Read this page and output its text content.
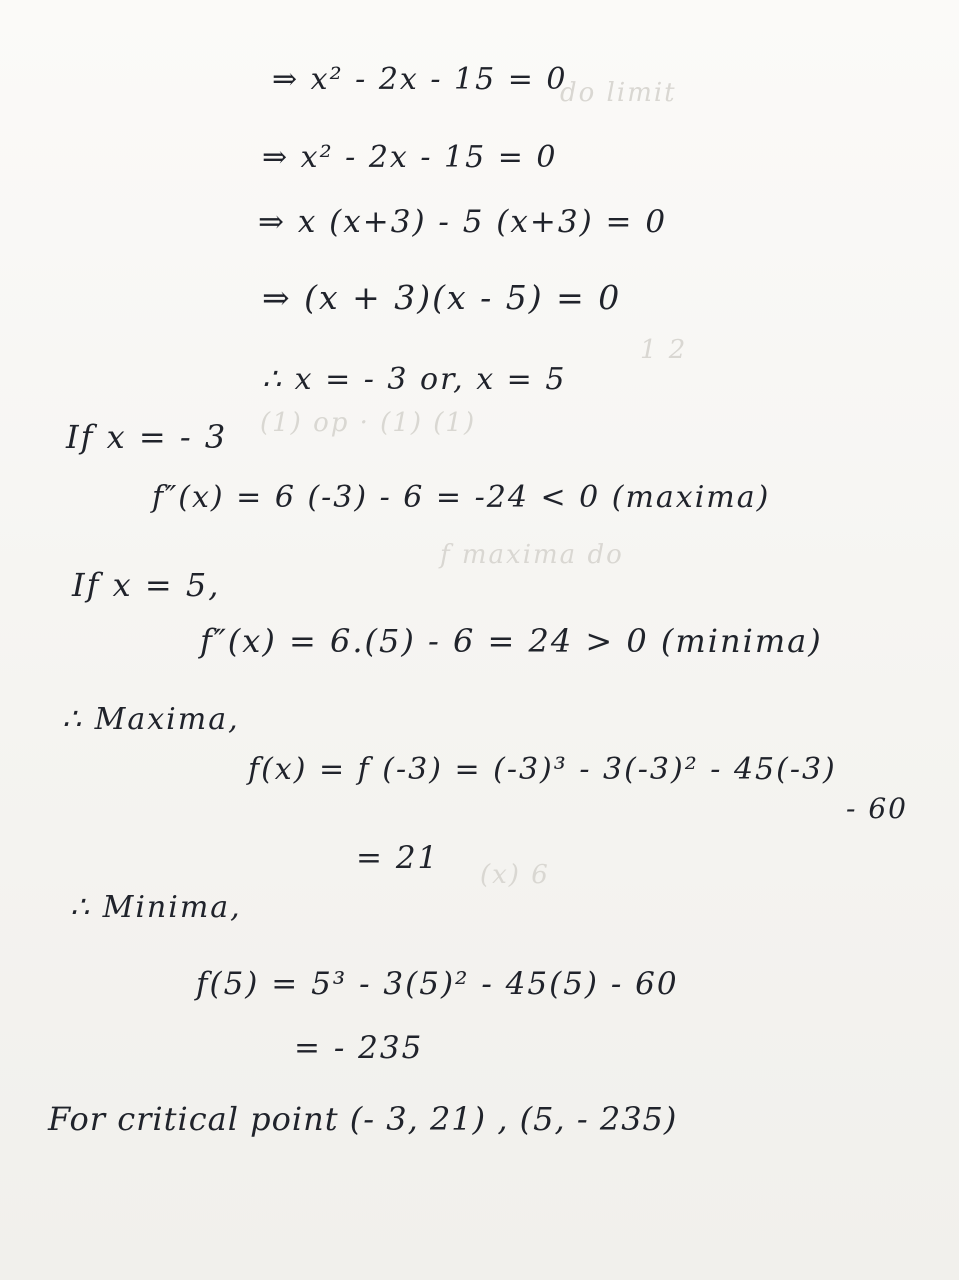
do limit
1 2
(1) op · (1) (1)
f maxima do
(x) 6
⇒ x² - 2x - 15 = 0
⇒ x² - 2x - 15 = 0
⇒ x (x+3) - 5 (x+3) = 0
⇒ (x + 3)(x - 5) = 0
∴ x = - 3 or, x = 5
If x = - 3
f″(x) = 6 (-3) - 6 = -24 < 0 (maxima)
If x = 5,
f″(x) = 6.(5) - 6 = 24 > 0 (minima)
∴ Maxima,
f(x) = f (-3) = (-3)³ - 3(-3)² - 45(-3)
- 60
= 21
∴ Minima,
f(5) = 5³ - 3(5)² - 45(5) - 60
= - 235
For critical point (- 3, 21) , (5, - 235)
